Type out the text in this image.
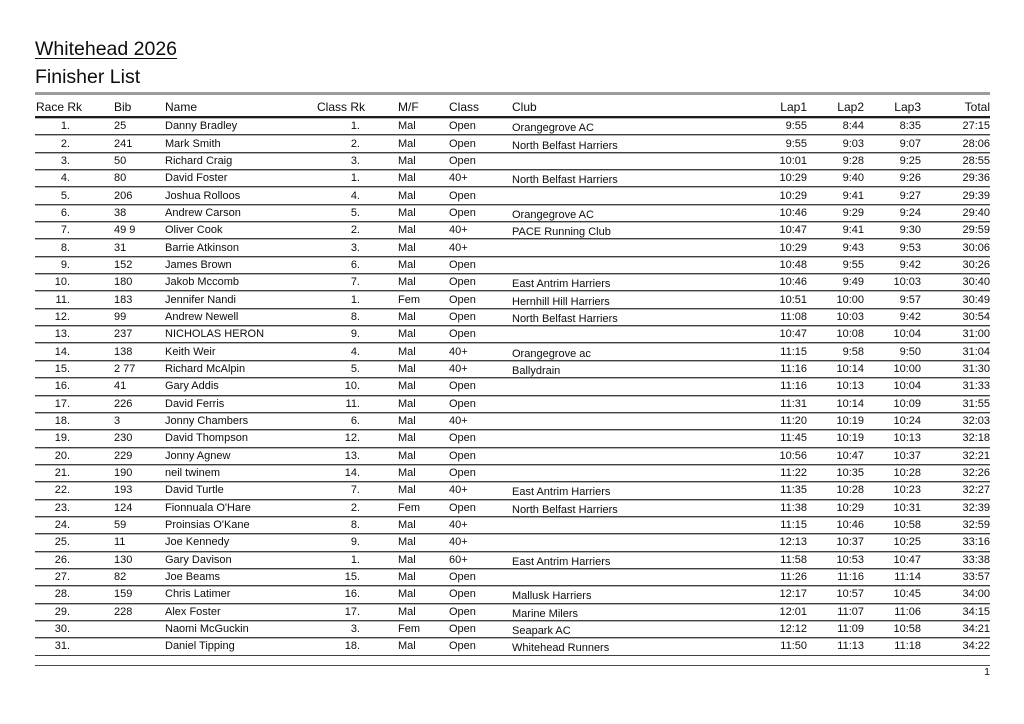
Whitehead 2026
Finisher List
Race Rk	Bib	Name	Class Rk	M/F	Class	Club	Lap1	Lap2	Lap3	Total
1.	25	Danny Bradley	1.	Mal	Open	Orangegrove AC	9:55	8:44	8:35	27:15
2.	241	Mark Smith	2.	Mal	Open	North Belfast Harriers	9:55	9:03	9:07	28:06
3.	50	Richard Craig	3.	Mal	Open		10:01	9:28	9:25	28:55
4.	80	David Foster	1.	Mal	40+	North Belfast Harriers	10:29	9:40	9:26	29:36
5.	206	Joshua Rolloos	4.	Mal	Open		10:29	9:41	9:27	29:39
6.	38	Andrew Carson	5.	Mal	Open	Orangegrove AC	10:46	9:29	9:24	29:40
7.	49 9	Oliver Cook	2.	Mal	40+	PACE Running Club	10:47	9:41	9:30	29:59
8.	31	Barrie Atkinson	3.	Mal	40+		10:29	9:43	9:53	30:06
9.	152	James Brown	6.	Mal	Open		10:48	9:55	9:42	30:26
10.	180	Jakob Mccomb	7.	Mal	Open	East Antrim Harriers	10:46	9:49	10:03	30:40
11.	183	Jennifer Nandi	1.	Fem	Open	Hernhill Hill Harriers	10:51	10:00	9:57	30:49
12.	99	Andrew Newell	8.	Mal	Open	North Belfast Harriers	11:08	10:03	9:42	30:54
13.	237	NICHOLAS HERON	9.	Mal	Open		10:47	10:08	10:04	31:00
14.	138	Keith Weir	4.	Mal	40+	Orangegrove ac	11:15	9:58	9:50	31:04
15.	2 77	Richard McAlpin	5.	Mal	40+	Ballydrain	11:16	10:14	10:00	31:30
16.	41	Gary Addis	10.	Mal	Open		11:16	10:13	10:04	31:33
17.	226	David Ferris	11.	Mal	Open		11:31	10:14	10:09	31:55
18.	3	Jonny Chambers	6.	Mal	40+		11:20	10:19	10:24	32:03
19.	230	David Thompson	12.	Mal	Open		11:45	10:19	10:13	32:18
20.	229	Jonny Agnew	13.	Mal	Open		10:56	10:47	10:37	32:21
21.	190	neil twinem	14.	Mal	Open		11:22	10:35	10:28	32:26
22.	193	David Turtle	7.	Mal	40+	East Antrim Harriers	11:35	10:28	10:23	32:27
23.	124	Fionnuala O'Hare	2.	Fem	Open	North Belfast Harriers	11:38	10:29	10:31	32:39
24.	59	Proinsias O'Kane	8.	Mal	40+		11:15	10:46	10:58	32:59
25.	11	Joe Kennedy	9.	Mal	40+		12:13	10:37	10:25	33:16
26.	130	Gary Davison	1.	Mal	60+	East Antrim Harriers	11:58	10:53	10:47	33:38
27.	82	Joe Beams	15.	Mal	Open		11:26	11:16	11:14	33:57
28.	159	Chris Latimer	16.	Mal	Open	Mallusk Harriers	12:17	10:57	10:45	34:00
29.	228	Alex Foster	17.	Mal	Open	Marine Milers	12:01	11:07	11:06	34:15
30.		Naomi McGuckin	3.	Fem	Open	Seapark AC	12:12	11:09	10:58	34:21
31.		Daniel Tipping	18.	Mal	Open	Whitehead Runners	11:50	11:13	11:18	34:22
1
